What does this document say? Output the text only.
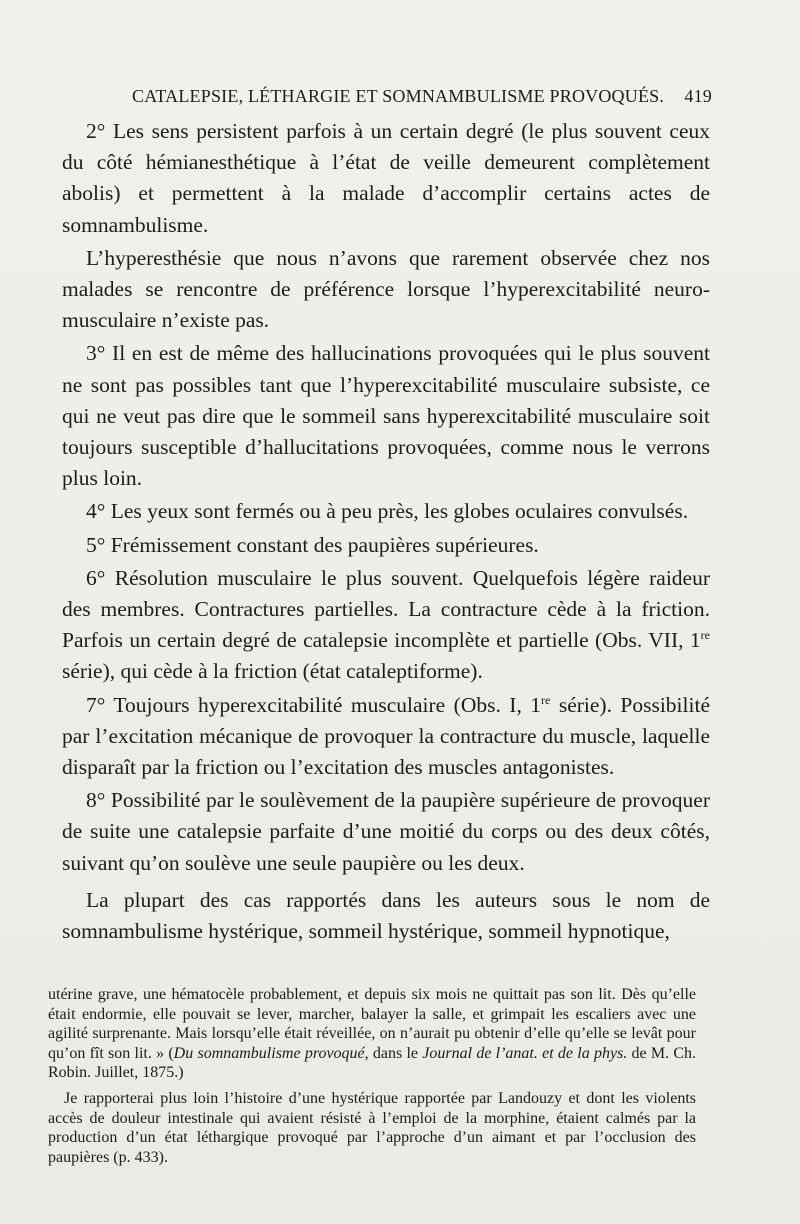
CATALEPSIE, LÉTHARGIE ET SOMNAMBULISME PROVOQUÉS. 419

2° Les sens persistent parfois à un certain degré (le plus souvent ceux du côté hémianesthétique à l’état de veille demeurent complètement abolis) et permettent à la malade d’accomplir certains actes de somnambulisme.

L’hyperesthésie que nous n’avons que rarement observée chez nos malades se rencontre de préférence lorsque l’hyperexcitabilité neuro-musculaire n’existe pas.

3° Il en est de même des hallucinations provoquées qui le plus souvent ne sont pas possibles tant que l’hyperexcitabilité musculaire subsiste, ce qui ne veut pas dire que le sommeil sans hyperexcitabilité musculaire soit toujours susceptible d’hallucitations provoquées, comme nous le verrons plus loin.

4° Les yeux sont fermés ou à peu près, les globes oculaires convulsés.

5° Frémissement constant des paupières supérieures.

6° Résolution musculaire le plus souvent. Quelquefois légère raideur des membres. Contractures partielles. La contracture cède à la friction. Parfois un certain degré de catalepsie incomplète et partielle (Obs. VII, 1re série), qui cède à la friction (état cataleptiforme).

7° Toujours hyperexcitabilité musculaire (Obs. I, 1re série). Possibilité par l’excitation mécanique de provoquer la contracture du muscle, laquelle disparaît par la friction ou l’excitation des muscles antagonistes.

8° Possibilité par le soulèvement de la paupière supérieure de provoquer de suite une catalepsie parfaite d’une moitié du corps ou des deux côtés, suivant qu’on soulève une seule paupière ou les deux.

La plupart des cas rapportés dans les auteurs sous le nom de somnambulisme hystérique, sommeil hystérique, sommeil hypnotique,

utérine grave, une hématocèle probablement, et depuis six mois ne quittait pas son lit. Dès qu’elle était endormie, elle pouvait se lever, marcher, balayer la salle, et grimpait les escaliers avec une agilité surprenante. Mais lorsqu’elle était réveillée, on n’aurait pu obtenir d’elle qu’elle se levât pour qu’on fît son lit. » (Du somnambulisme provoqué, dans le Journal de l’anat. et de la phys. de M. Ch. Robin. Juillet, 1875.)

Je rapporterai plus loin l’histoire d’une hystérique rapportée par Landouzy et dont les violents accès de douleur intestinale qui avaient résisté à l’emploi de la morphine, étaient calmés par la production d’un état léthargique provoqué par l’approche d’un aimant et par l’occlusion des paupières (p. 433).
